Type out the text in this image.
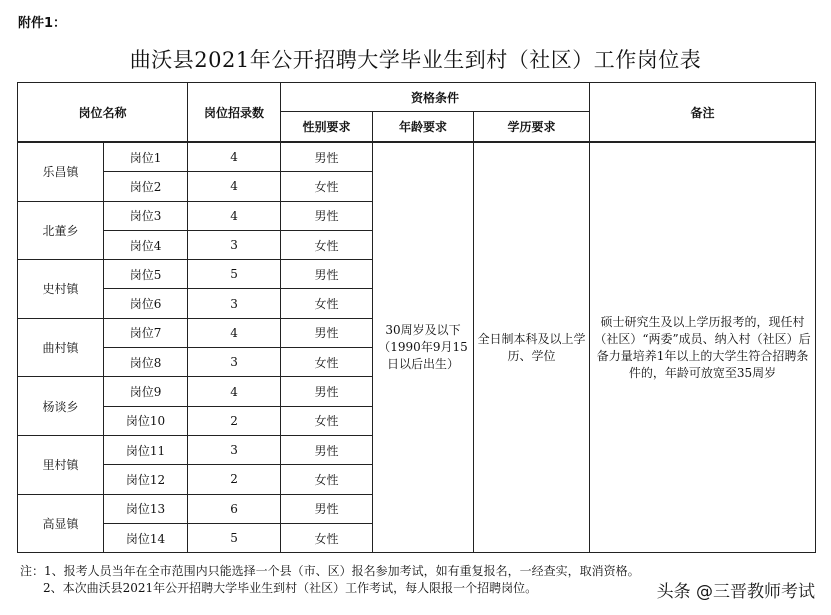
附件1：
曲沃县2021年公开招聘大学毕业生到村（社区）工作岗位表
岗位名称		岗位招录数	资格条件			备注
			性别要求	年龄要求	学历要求	
乐昌镇	岗位1	4	男性	30周岁及以下（1990年9月15日以后出生）	全日制本科及以上学历、学位	硕士研究生及以上学历报考的，现任村（社区）“两委”成员、纳入村（社区）后备力量培养1年以上的大学生符合招聘条件的，年龄可放宽至35周岁
	岗位2	4	女性			
北董乡	岗位3	4	男性			
	岗位4	3	女性			
史村镇	岗位5	5	男性			
	岗位6	3	女性			
曲村镇	岗位7	4	男性			
	岗位8	3	女性			
杨谈乡	岗位9	4	男性			
	岗位10	2	女性			
里村镇	岗位11	3	男性			
	岗位12	2	女性			
高显镇	岗位13	6	男性			
	岗位14	5	女性			
注：1、报考人员当年在全市范围内只能选择一个县（市、区）报名参加考试，如有重复报名，一经查实，取消资格。
2、本次曲沃县2021年公开招聘大学毕业生到村（社区）工作考试，每人限报一个招聘岗位。	头条 @三晋教师考试
